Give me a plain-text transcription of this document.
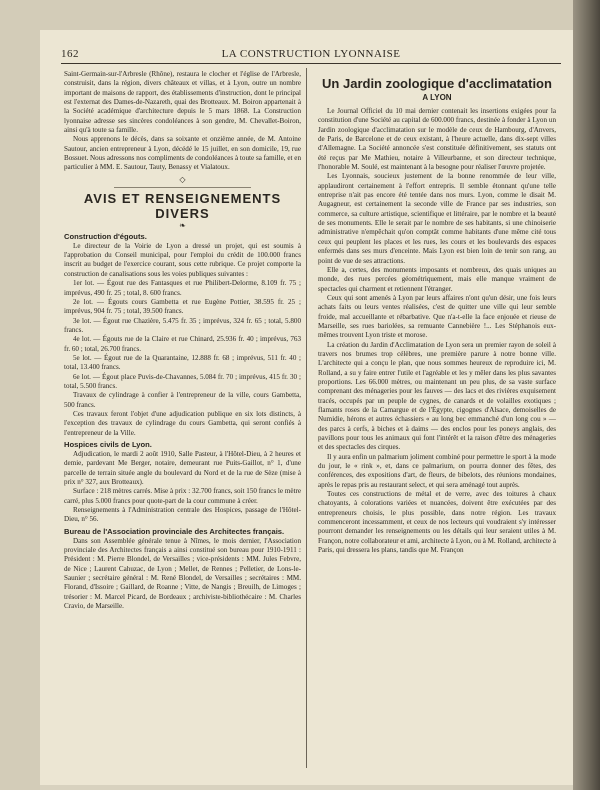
162	LA CONSTRUCTION LYONNAISE

Saint-Germain-sur-l'Arbresle (Rhône), restaura le clocher et l'église de l'Arbresle, construisit, dans la région, divers châteaux et villas, et à Lyon, outre un nombre important de maisons de rapport, des établissements d'instruction, dont le principal est l'externat des Dames-de-Nazareth, quai des Brotteaux. M. Boiron appartenait à la Société académique d'architecture depuis le 5 mars 1868. La Construction lyonnaise adresse ses sincères condoléances à son gendre, M. Chevallet-Boiron, ainsi qu'à toute sa famille.

Nous apprenons le décès, dans sa soixante et onzième année, de M. Antoine Sautour, ancien entrepreneur à Lyon, décédé le 15 juillet, en son domicile, 19, rue Bossuet. Nous adressons nos compliments de condoléances à toute sa famille, et en particulier à MM. E. Sautour, Tauty, Benassy et Vialatoux.

◇
AVIS ET RENSEIGNEMENTS DIVERS
❧
Construction d'égouts.

Le directeur de la Voirie de Lyon a dressé un projet, qui est soumis à l'approbation du Conseil municipal, pour l'emploi du crédit de 100.000 francs inscrit au budget de l'exercice courant, sous cette rubrique. Ce projet comporte la construction de canalisations sous les voies publiques suivantes :

1er lot. — Égout rue des Fantasques et rue Philibert-Delorme, 8.109 fr. 75 ; imprévus, 490 fr. 25 ; total, 8. 600 francs.

2e lot. — Égouts cours Gambetta et rue Eugène Pottier, 38.595 fr. 25 ; imprévus, 904 fr. 75 ; total, 39.500 francs.

3e lot. — Égout rue Chazière, 5.475 fr. 35 ; imprévus, 324 fr. 65 ; total, 5.800 francs.

4e lot. — Égouts rue de la Claire et rue Chinard, 25.936 fr. 40 ; imprévus, 763 fr. 60 ; total, 26.700 francs.

5e lot. — Égout rue de la Quarantaine, 12.888 fr. 68 ; imprévus, 511 fr. 40 ; total, 13.400 francs.

6e lot. — Égout place Puvis-de-Chavannes, 5.084 fr. 70 ; imprévus, 415 fr. 30 ; total, 5.500 francs.

Travaux de cylindrage à confier à l'entrepreneur de la ville, cours Gambetta, 500 francs.

Ces travaux feront l'objet d'une adjudication publique en six lots distincts, à l'exception des travaux de cylindrage du cours Gambetta, qui seront confiés à l'entrepreneur de la Ville.

Hospices civils de Lyon.

Adjudication, le mardi 2 août 1910, Salle Pasteur, à l'Hôtel-Dieu, à 2 heures et demie, pardevant Me Berger, notaire, demeurant rue Puits-Gaillot, n° 1, d'une parcelle de terrain située angle du boulevard du Nord et de la rue de Sèze (mise à prix n° 327, aux Brotteaux).

Surface : 218 mètres carrés. Mise à prix : 32.700 francs, soit 150 francs le mètre carré, plus 5.000 francs pour quote-part de la cour commune à créer.

Renseignements à l'Administration centrale des Hospices, passage de l'Hôtel-Dieu, n° 56.

Bureau de l'Association provinciale des Architectes français.

Dans son Assemblée générale tenue à Nîmes, le mois dernier, l'Association provinciale des Architectes français a ainsi constitué son bureau pour 1910-1911 : Président : M. Pierre Blondel, de Versailles ; vice-présidents : MM. Jules Febvre, de Nice ; Laurent Cahuzac, de Lyon ; Mellet, de Rennes ; Pelletier, de Lons-le-Saunier ; secrétaire général : M. René Blondel, de Versailles ; secrétaires : MM. Florand, d'Issoire ; Gaillard, de Roanne ; Vitte, de Nangis ; Breuilh, de Limoges ; trésorier : M. Marcel Picard, de Bordeaux ; archiviste-bibliothécaire : M. Charles Cravio, de Marseille.

Un Jardin zoologique d'acclimatation
A LYON

Le Journal Officiel du 10 mai dernier contenait les insertions exigées pour la constitution d'une Société au capital de 600.000 francs, destinée à fonder à Lyon un Jardin zoologique d'acclimatation sur le modèle de ceux de Hambourg, d'Anvers, de Paris, de Barcelone et de ceux existant, à l'heure actuelle, dans dix-sept villes d'Allemagne. La Société annoncée s'est constituée définitivement, ses statuts ont été reçus par Me Mathieu, notaire à Villeurbanne, et son directeur technique, l'honorable M. Soulé, est maintenant à la besogne pour réaliser l'œuvre projetée.

Les Lyonnais, soucieux justement de la bonne renommée de leur ville, applaudiront certainement à l'effort entrepris. Il semble étonnant qu'une telle entreprise n'ait pas encore été tentée dans nos murs. Lyon, comme le disait M. Augagneur, est certainement la seconde ville de France par ses industries, son commerce, sa culture artistique, scientifique et littéraire, par le nombre et la beauté de ses monuments. Elle le serait par le nombre de ses habitants, si une chinoiserie administrative n'empêchait qu'on comptât comme habitants d'une même cité tous ceux qui peuplent les places et les rues, les cours et les boulevards des espaces enfermés dans ses murs d'enceinte. Mais Lyon est bien loin de tenir son rang, au point de vue de ses attractions.

Elle a, certes, des monuments imposants et nombreux, des quais uniques au monde, des rues percées géométriquement, mais elle manque vraiment de spectacles qui charment et retiennent l'étranger.

Ceux qui sont amenés à Lyon par leurs affaires n'ont qu'un désir, une fois leurs achats faits ou leurs ventes réalisées, c'est de quitter une ville qui leur semble froide, mal accueillante et rébarbative. Que n'a-t-elle la face enjouée et rieuse de Marseille, ses rues bariolées, sa remuante Cannebière !... Les Stéphanois eux-mêmes trouvent Lyon triste et morose.

La création du Jardin d'Acclimatation de Lyon sera un premier rayon de soleil à travers nos brumes trop célèbres, une première parure à notre bonne ville. L'architecte qui a conçu le plan, que nous sommes heureux de reproduire ici, M. Rolland, a su y faire entrer l'utile et l'agréable et les y mêler dans les plus savantes proportions. Les 66.000 mètres, ou maintenant un peu plus, de sa vaste surface comprenant des ménageries pour les fauves — des lacs et des rivières exquisement tracés, occupés par un peuple de cygnes, de canards et de volailles exotiques ; flamants roses de la Camargue et de l'Égypte, cigognes d'Alsace, demoiselles de Numidie, hérons et autres échassiers « au long bec emmanché d'un long cou » — des parcs à cerfs, à biches et à daims — des enclos pour les poneys anglais, des pavillons pour tous les animaux qui font l'intérêt et la raison d'être des ménageries et des spectacles des cirques.

Il y aura enfin un palmarium joliment combiné pour permettre le sport à la mode du jour, le « rink », et, dans ce palmarium, on pourra donner des fêtes, des conférences, des expositions d'art, de fleurs, de bibelots, des réunions mondaines, après le repas pris au restaurant select, et qui sera aménagé tout auprès.

Toutes ces constructions de métal et de verre, avec des toitures à chaux chatoyants, à colorations variées et nuancées, doivent être exécutées par des entrepreneurs choisis, le plus possible, dans notre région. Les travaux commenceront incessamment, et ceux de nos lecteurs qui voudraient s'y intéresser pourront demander les renseignements ou les détails qui leur seraient utiles à M. Françon, notre collaborateur et ami, architecte à Lyon, ou à M. Rolland, architecte à Paris, qui dressera les plans, tandis que M. Françon
